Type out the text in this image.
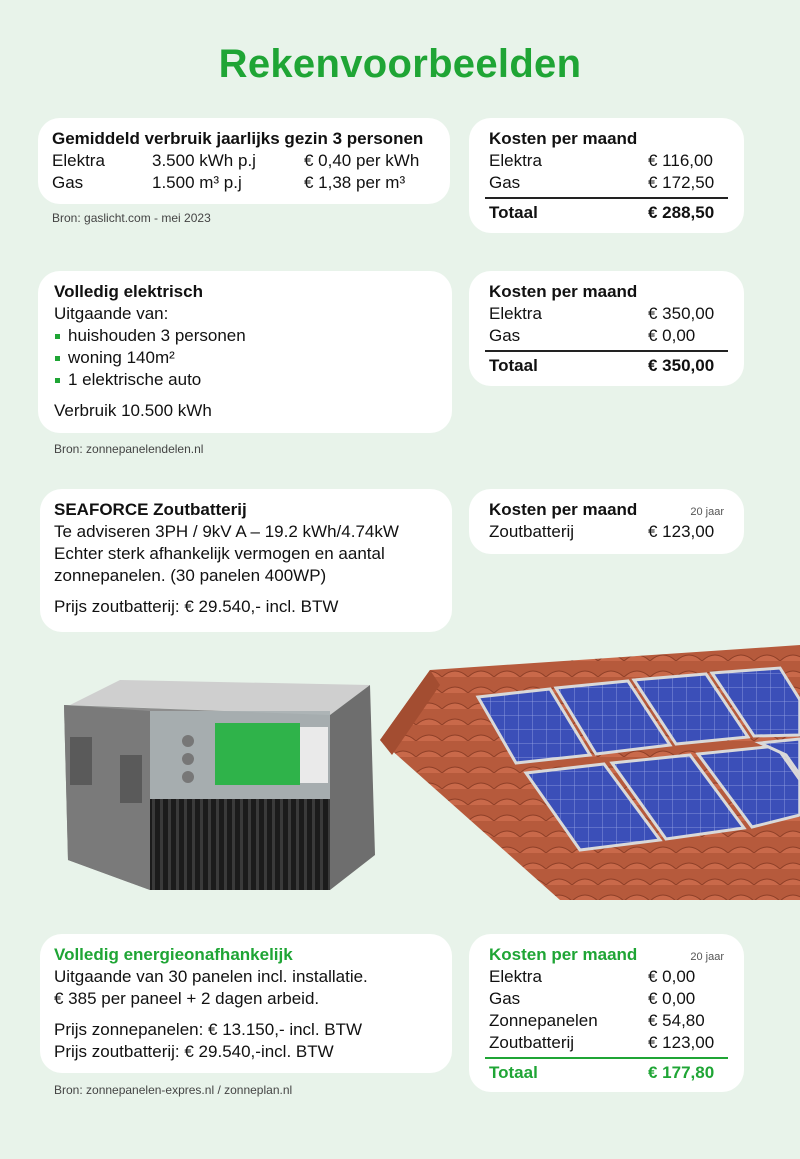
Rekenvoorbeelden
Gemiddeld verbruik jaarlijks gezin 3 personen
Elektra	3.500 kWh p.j	€ 0,40 per kWh
Gas	1.500 m³ p.j	€ 1,38 per m³
Bron: gaslicht.com - mei 2023
Kosten per maand
Elektra	€ 116,00
Gas	€ 172,50
Totaal	€ 288,50
Volledig elektrisch
Uitgaande van:
huishouden 3 personen
woning 140m²
1 elektrische auto
Verbruik 10.500 kWh
Bron: zonnepanelendelen.nl
Kosten per maand
Elektra	€ 350,00
Gas	€ 0,00
Totaal	€ 350,00
SEAFORCE Zoutbatterij
Te adviseren 3PH / 9kV A – 19.2 kWh/4.74kW
Echter sterk afhankelijk vermogen en aantal
zonnepanelen. (30 panelen 400WP)
Prijs zoutbatterij: € 29.540,- incl. BTW
Kosten per maand	20 jaar
Zoutbatterij	€ 123,00
Volledig energieonafhankelijk
Uitgaande van 30 panelen incl. installatie.
€ 385 per paneel + 2 dagen arbeid.
Prijs zonnepanelen: € 13.150,- incl. BTW
Prijs zoutbatterij: € 29.540,-incl. BTW
Bron: zonnepanelen-expres.nl / zonneplan.nl
Kosten per maand	20 jaar
Elektra	€ 0,00
Gas	€ 0,00
Zonnepanelen	€ 54,80
Zoutbatterij	€ 123,00
Totaal	€ 177,80
